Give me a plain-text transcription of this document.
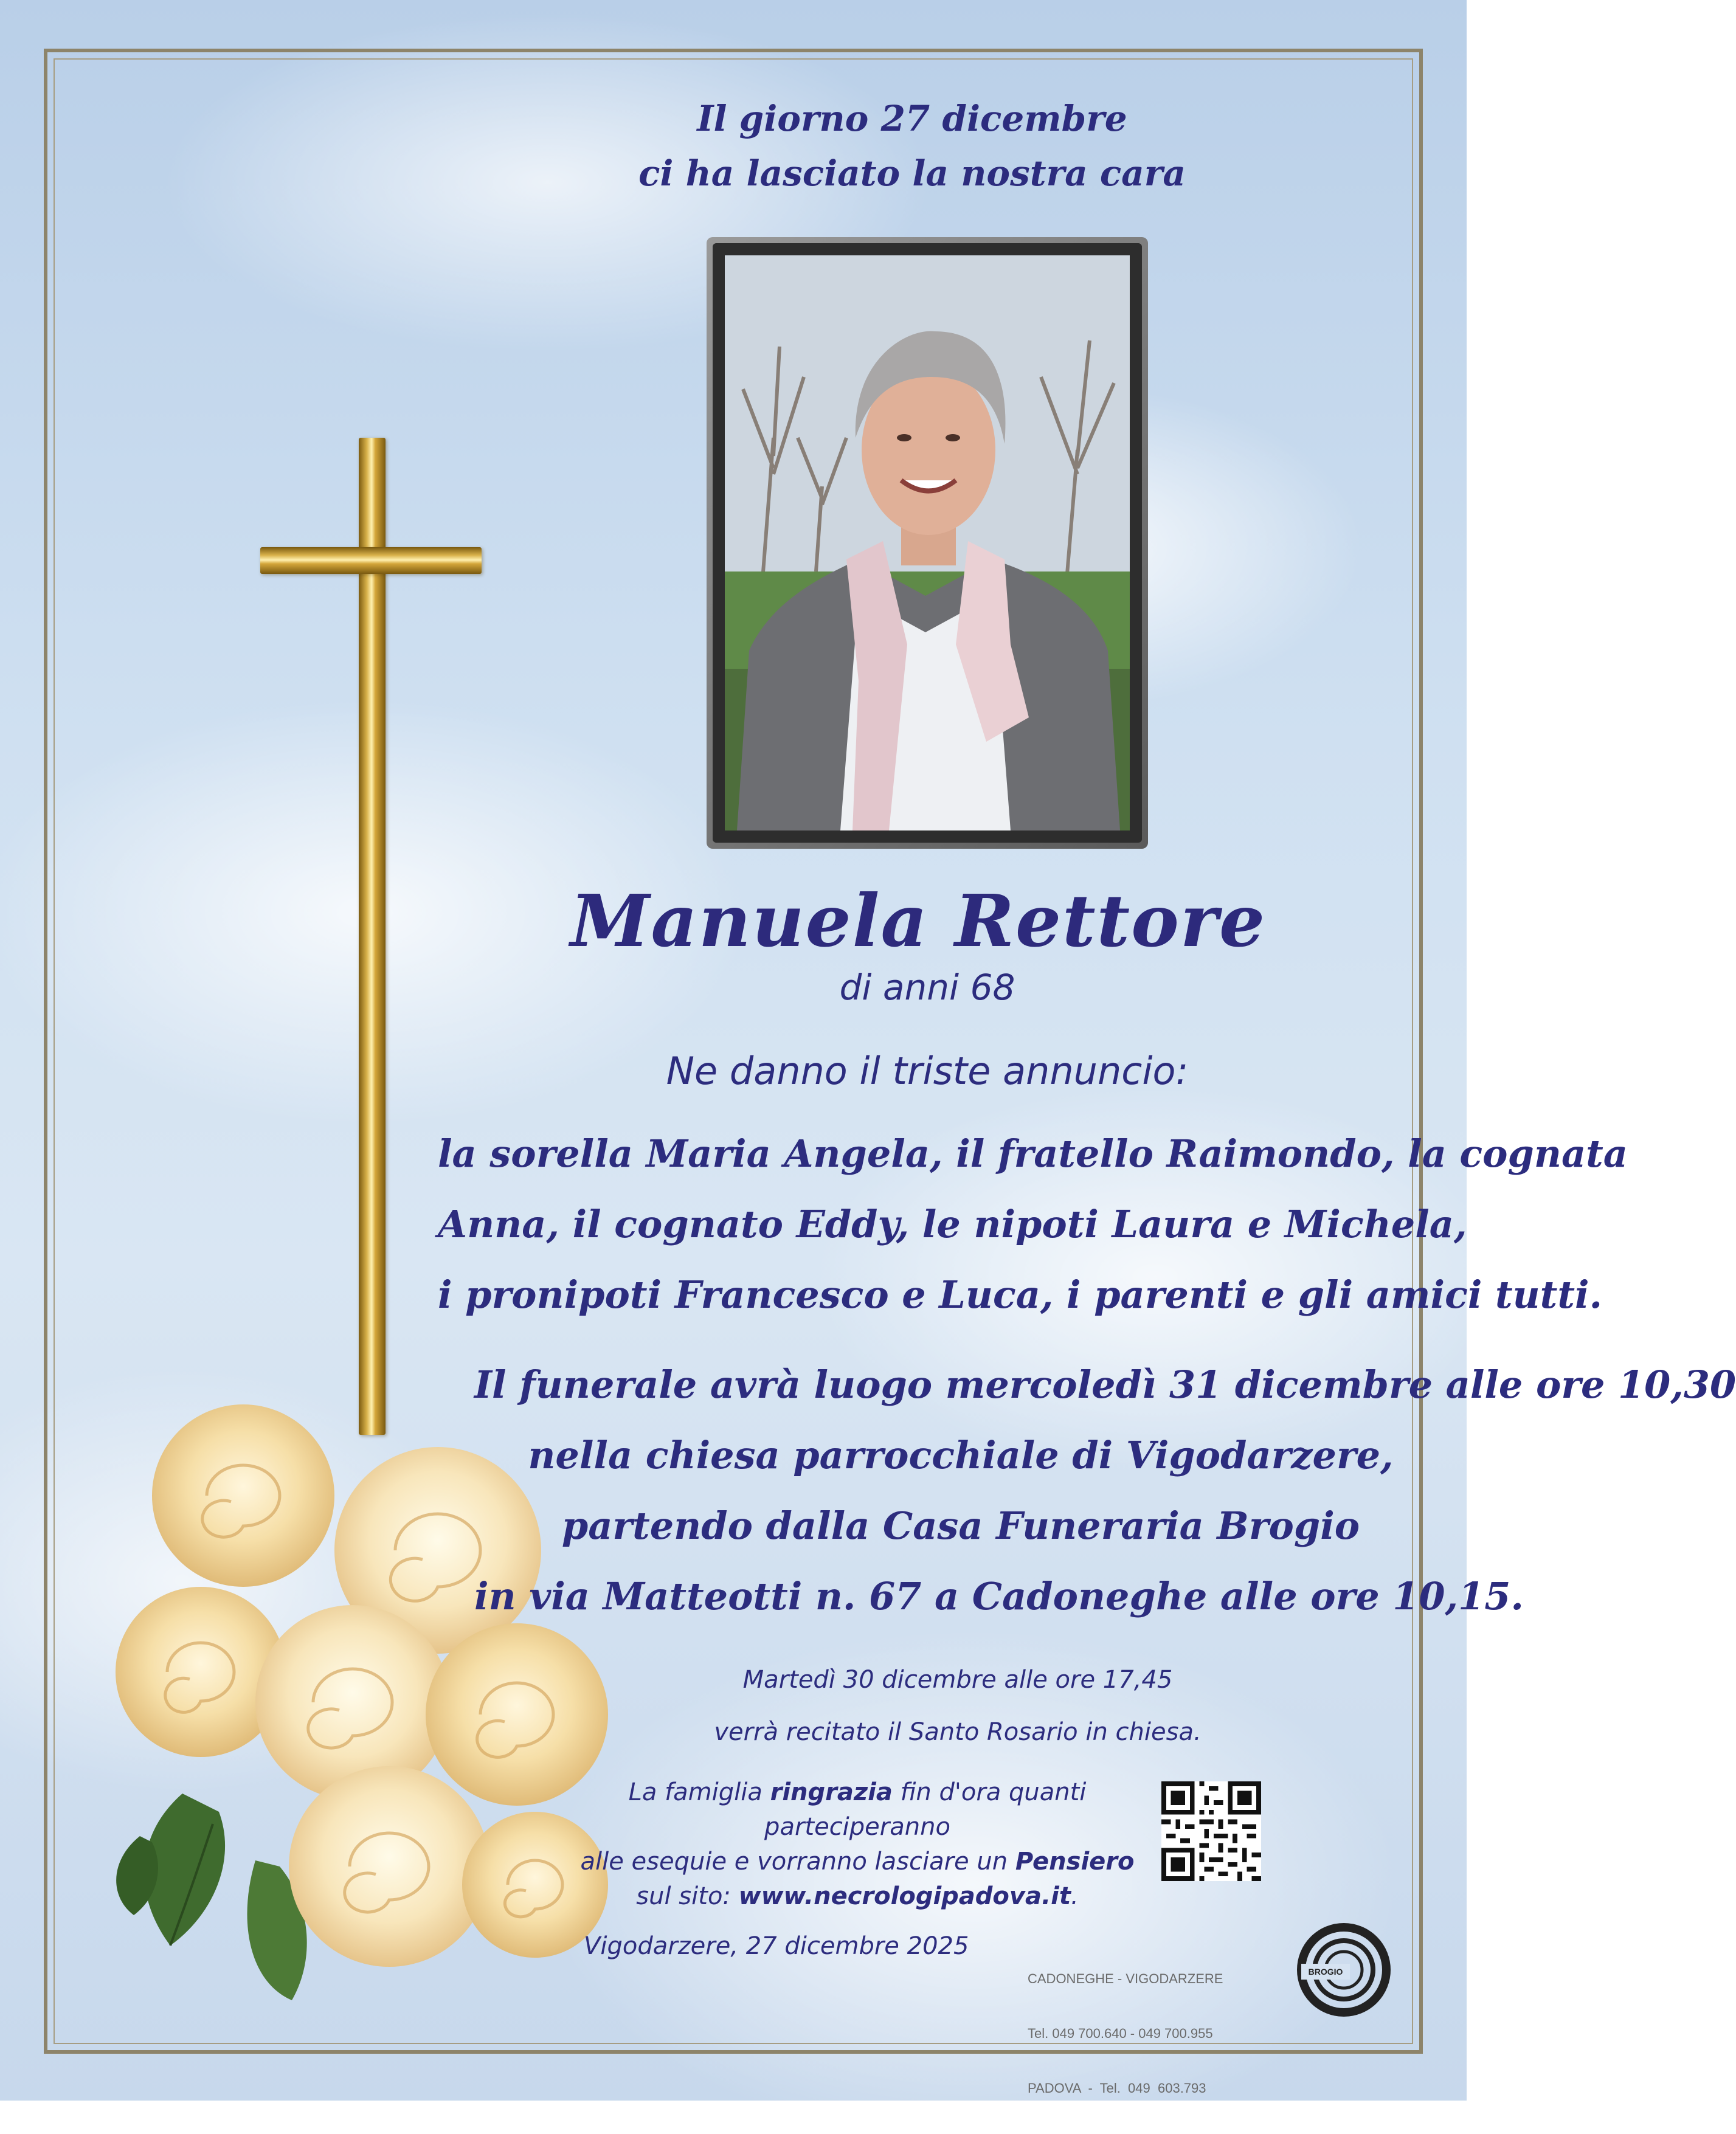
Il giorno 27 dicembre
ci ha lasciato la nostra cara
Manuela Rettore
di anni 68
Ne danno il triste annuncio:
la sorella Maria Angela, il fratello Raimondo, la cognata
Anna, il cognato Eddy, le nipoti Laura e Michela,
i pronipoti Francesco e Luca, i parenti e gli amici tutti.
Il funerale avrà luogo mercoledì 31 dicembre alle ore 10,30
nella chiesa parrocchiale di Vigodarzere,
partendo dalla Casa Funeraria Brogio
in via Matteotti n. 67 a Cadoneghe alle ore 10,15.
Martedì 30 dicembre alle ore 17,45
verrà recitato il Santo Rosario in chiesa.
La famiglia ringrazia fin d'ora quanti parteciperanno
alle esequie e vorranno lasciare un Pensiero
sul sito: www.necrologipadova.it.
Vigodarzere, 27 dicembre 2025

CADONEGHE - VIGODARZERE

Tel. 049 700.640 - 049 700.955

PADOVA  -  Tel.  049  603.793

BROGIO
